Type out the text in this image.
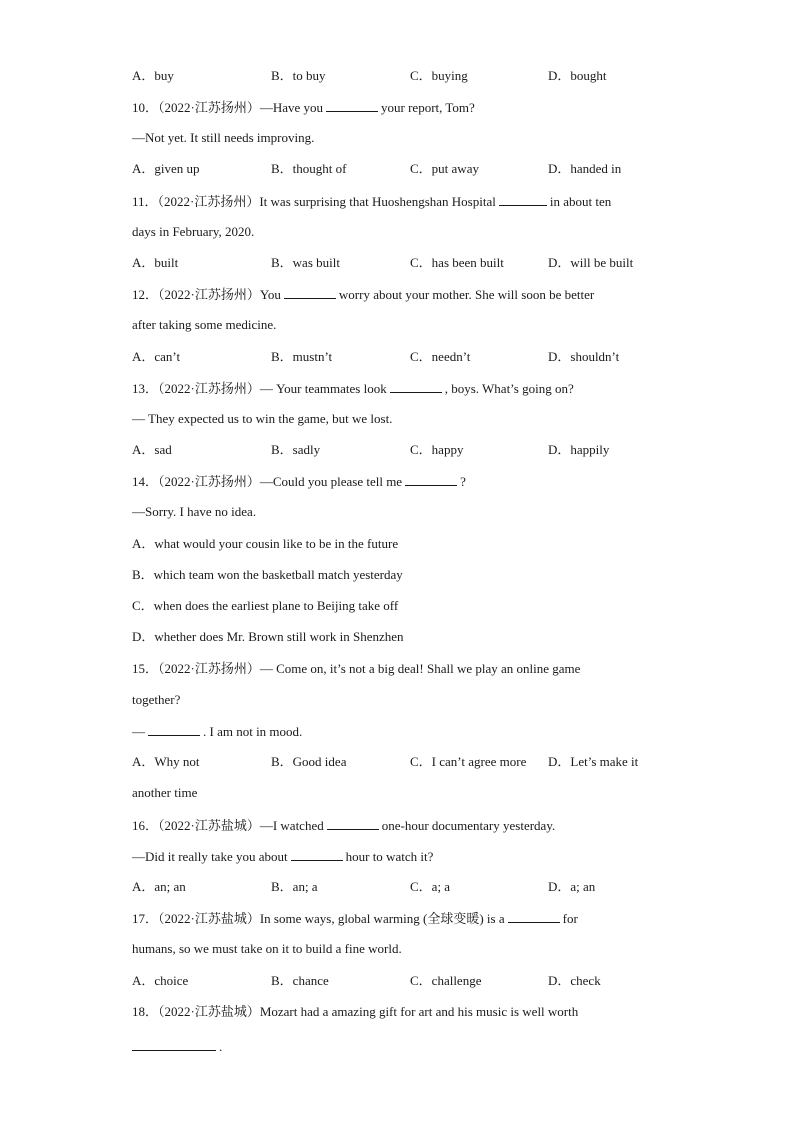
A．buy	B．to buy	C．buying	D．bought
10．（2022·江苏扬州）—Have you	your report, Tom?
—Not yet. It still needs improving.
A．given up	B．thought of	C．put away	D．handed in
11．（2022·江苏扬州）It was surprising that Huoshengshan Hospital	in about ten
days in February, 2020.
A．built	B．was built	C．has been built	D．will be built
12．（2022·江苏扬州）You	worry about your mother. She will soon be better
after taking some medicine.
A．can’t	B．mustn’t	C．needn’t	D．shouldn’t
13．（2022·江苏扬州）— Your teammates look	, boys. What’s going on?
— They expected us to win the game, but we lost.
A．sad	B．sadly	C．happy	D．happily
14．（2022·江苏扬州）—Could you please tell me	?
—Sorry. I have no idea.
A．what would your cousin like to be in the future
B．which team won the basketball match yesterday
C．when does the earliest plane to Beijing take off
D．whether does Mr. Brown still work in Shenzhen
15．（2022·江苏扬州）— Come on, it’s not a big deal! Shall we play an online game
together?
—	. I am not in mood.
A．Why not	B．Good idea	C．I can’t agree more D．Let’s make it
another time
16．（2022·江苏盐城）—I watched	one-hour documentary yesterday.
—Did it really take you about	hour to watch it?
A．an; an	B．an; a	C．a; a	D．a; an
17．（2022·江苏盐城）In some ways, global warming (全球变暖) is a	for
humans, so we must take on it to build a fine world.
A．choice	B．chance	C．challenge	D．check
18．（2022·江苏盐城）Mozart had a amazing gift for art and his music is well worth
.
